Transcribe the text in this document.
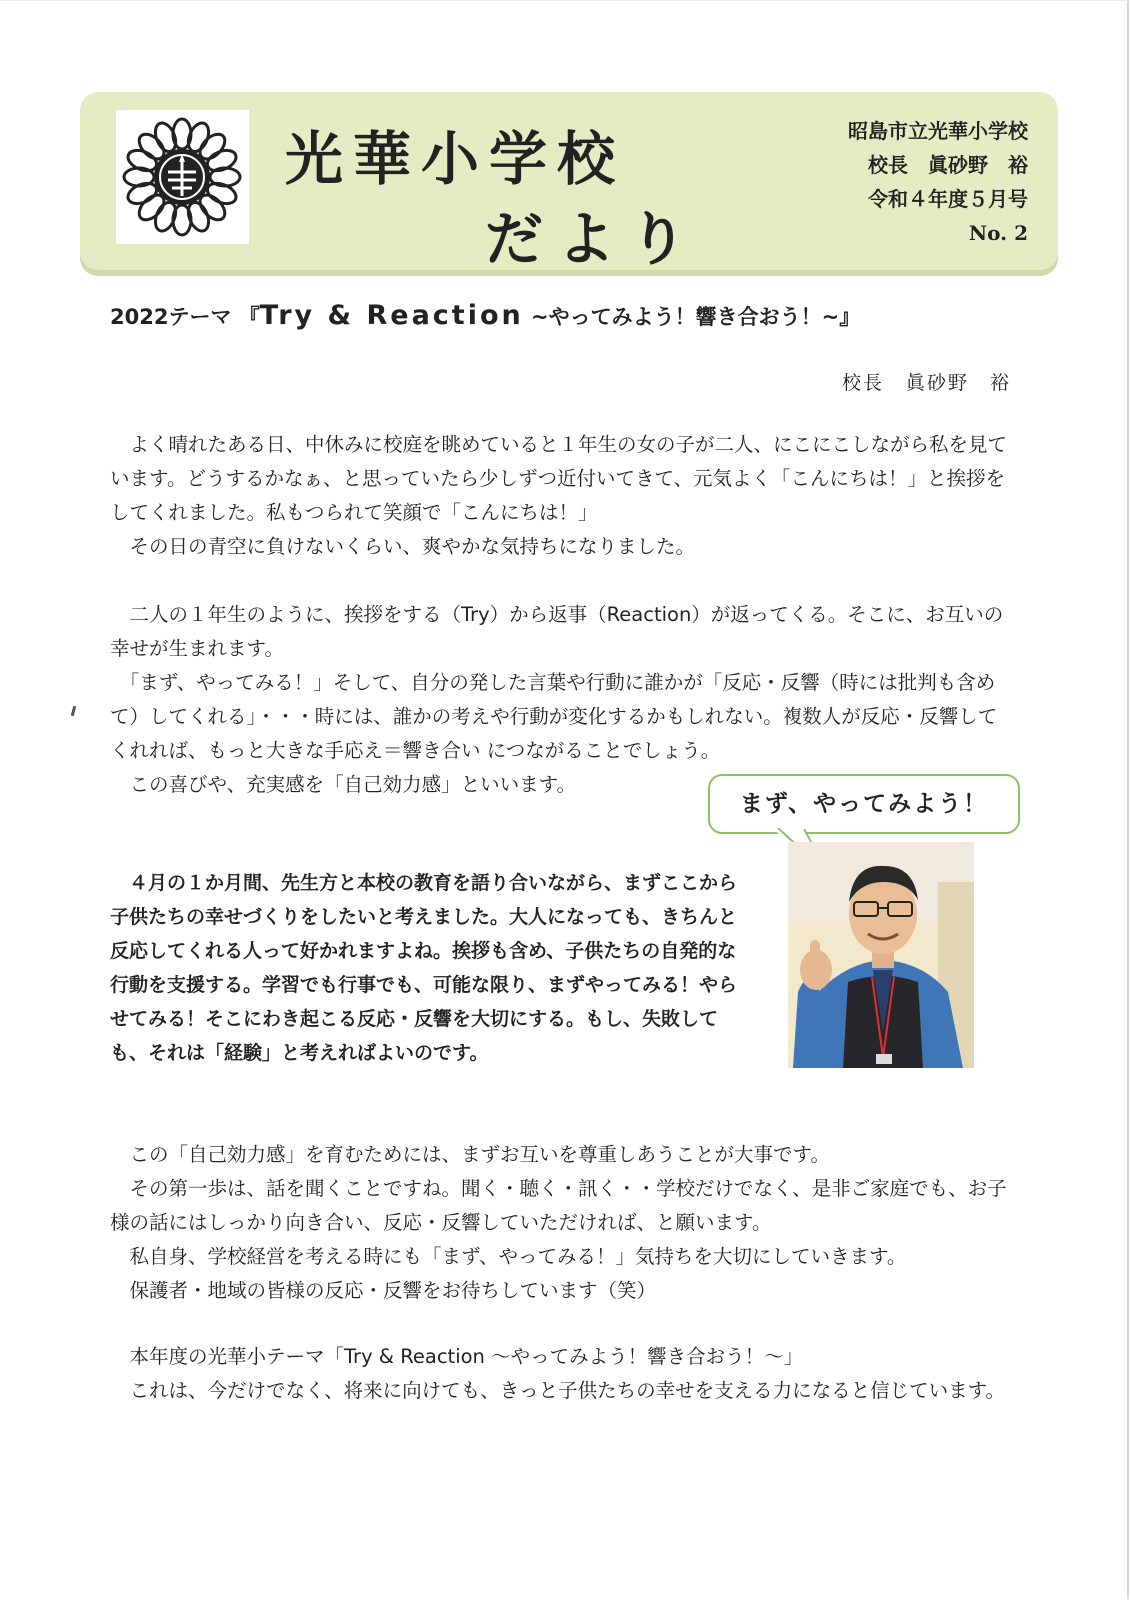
光華小学校
だより
昭島市立光華小学校
校長　眞砂野　裕
令和４年度５月号
No. 2
2022テーマ 『Try & Reaction ~やってみよう！響き合おう！~』
校長 眞砂野　裕

　よく晴れたある日、中休みに校庭を眺めていると１年生の女の子が二人、にこにこしながら私を見ています。どうするかなぁ、と思っていたら少しずつ近付いてきて、元気よく「こんにちは！」と挨拶をしてくれました。私もつられて笑顔で「こんにちは！」

　その日の青空に負けないくらい、爽やかな気持ちになりました。

　二人の１年生のように、挨拶をする（Try）から返事（Reaction）が返ってくる。そこに、お互いの幸せが生まれます。

　「まず、やってみる！」そして、自分の発した言葉や行動に誰かが「反応・反響（時には批判も含めて）してくれる」・・・時には、誰かの考えや行動が変化するかもしれない。複数人が反応・反響してくれれば、もっと大きな手応え＝響き合い につながることでしょう。

　この喜びや、充実感を「自己効力感」といいます。

まず、やってみよう！

　４月の１か月間、先生方と本校の教育を語り合いながら、まずここから子供たちの幸せづくりをしたいと考えました。大人になっても、きちんと反応してくれる人って好かれますよね。挨拶も含め、子供たちの自発的な行動を支援する。学習でも行事でも、可能な限り、まずやってみる！やらせてみる！そこにわき起こる反応・反響を大切にする。もし、失敗しても、それは「経験」と考えればよいのです。

　この「自己効力感」を育むためには、まずお互いを尊重しあうことが大事です。

　その第一歩は、話を聞くことですね。聞く・聴く・訊く・・学校だけでなく、是非ご家庭でも、お子様の話にはしっかり向き合い、反応・反響していただければ、と願います。

　私自身、学校経営を考える時にも「まず、やってみる！」気持ちを大切にしていきます。

　保護者・地域の皆様の反応・反響をお待ちしています（笑）

　本年度の光華小テーマ「Try & Reaction ～やってみよう！響き合おう！～」

　これは、今だけでなく、将来に向けても、きっと子供たちの幸せを支える力になると信じています。
